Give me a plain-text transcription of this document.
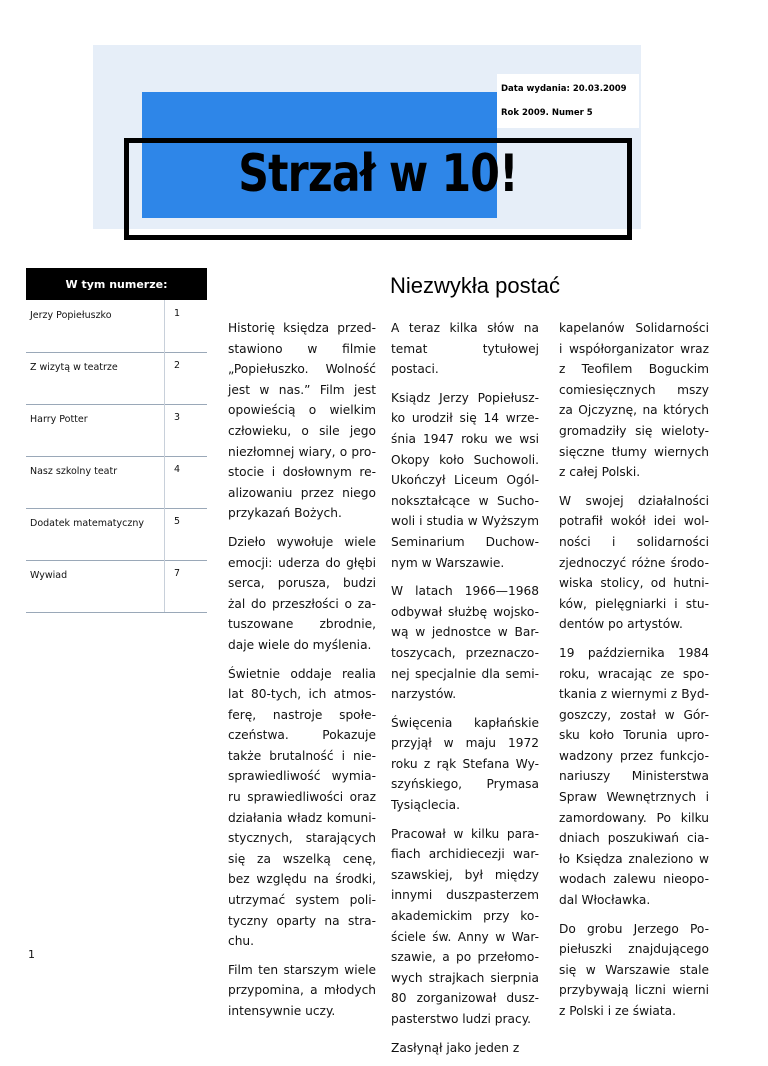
Data wydania: 20.03.2009
Rok 2009. Numer 5
Strzał w 10!
W tym numerze:
Jerzy Popiełuszko	1
Z wizytą w teatrze	2
Harry Potter	3
Nasz szkolny teatr	4
Dodatek matematyczny	5
Wywiad	7
Niezwykła postać

Historię księdza przed-stawiono w filmie „Popiełuszko. Wolność jest w nas.” Film jest opowieścią o wielkim człowieku, o sile jego niezłomnej wiary, o pro-stocie i dosłownym re-alizowaniu przez niego przykazań Bożych.

Dzieło wywołuje wiele emocji: uderza do głębi serca, porusza, budzi żal do przeszłości o za-tuszowane zbrodnie, daje wiele do myślenia.

Świetnie oddaje realia lat 80-tych, ich atmos-ferę, nastroje społe-czeństwa. Pokazuje także brutalność i nie-sprawiedliwość wymia-ru sprawiedliwości oraz działania władz komuni-stycznych, starających się za wszelką cenę, bez względu na środki, utrzymać system poli-tyczny oparty na stra-chu.

Film ten starszym wiele przypomina, a młodych intensywnie uczy.

A teraz kilka słów na temat tytułowej postaci.

Ksiądz Jerzy Popiełusz-ko urodził się 14 wrze-śnia 1947 roku we wsi Okopy koło Suchowoli. Ukończył Liceum Ogól-nokształcące w Sucho-woli i studia w Wyższym Seminarium Duchow-nym w Warszawie.

W latach 1966—1968 odbywał służbę wojsko-wą w jednostce w Bar-toszycach, przeznaczo-nej specjalnie dla semi-narzystów.

Święcenia kapłańskie przyjął w maju 1972 roku z rąk Stefana Wy-szyńskiego, Prymasa Tysiąclecia.

Pracował w kilku para-fiach archidiecezji war-szawskiej, był między innymi duszpasterzem akademickim przy ko-ściele św. Anny w War-szawie, a po przełomo-wych strajkach sierpnia 80 zorganizował dusz-pasterstwo ludzi pracy.

Zasłynął jako jeden z

kapelanów Solidarności i współorganizator wraz z Teofilem Boguckim comiesięcznych mszy za Ojczyznę, na których gromadziły się wieloty-sięczne tłumy wiernych z całej Polski.

W swojej działalności potrafił wokół idei wol-ności i solidarności zjednoczyć różne środo-wiska stolicy, od hutni-ków, pielęgniarki i stu-dentów po artystów.

19 października 1984 roku, wracając ze spo-tkania z wiernymi z Byd-goszczy, został w Gór-sku koło Torunia upro-wadzony przez funkcjo-nariuszy Ministerstwa Spraw Wewnętrznych i zamordowany. Po kilku dniach poszukiwań cia-ło Księdza znaleziono w wodach zalewu nieopo-dal Włocławka.

Do grobu Jerzego Po-piełuszki znajdującego się w Warszawie stale przybywają liczni wierni z Polski i ze świata.

1
